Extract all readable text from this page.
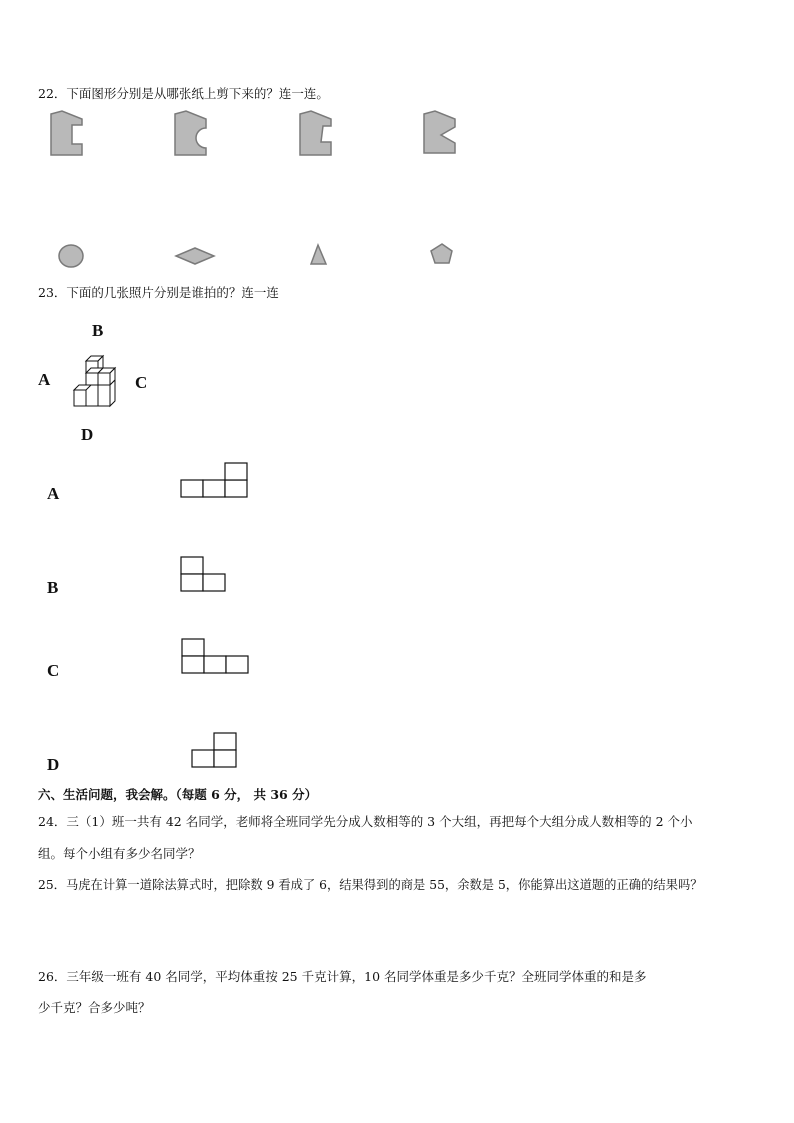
22．下面图形分别是从哪张纸上剪下来的？连一连。
23．下面的几张照片分别是谁拍的？连一连
B
A	C
D
A
B
C
D
六、生活问题，我会解。（每题 6 分， 共 36 分）
24．三（1）班一共有 42 名同学，老师将全班同学先分成人数相等的 3 个大组，再把每个大组分成人数相等的 2 个小
组。每个小组有多少名同学？
25．马虎在计算一道除法算式时，把除数 9 看成了 6，结果得到的商是 55，余数是 5，你能算出这道题的正确的结果吗？
26．三年级一班有 40 名同学，平均体重按 25 千克计算，10 名同学体重是多少千克？全班同学体重的和是多
少千克？合多少吨？
